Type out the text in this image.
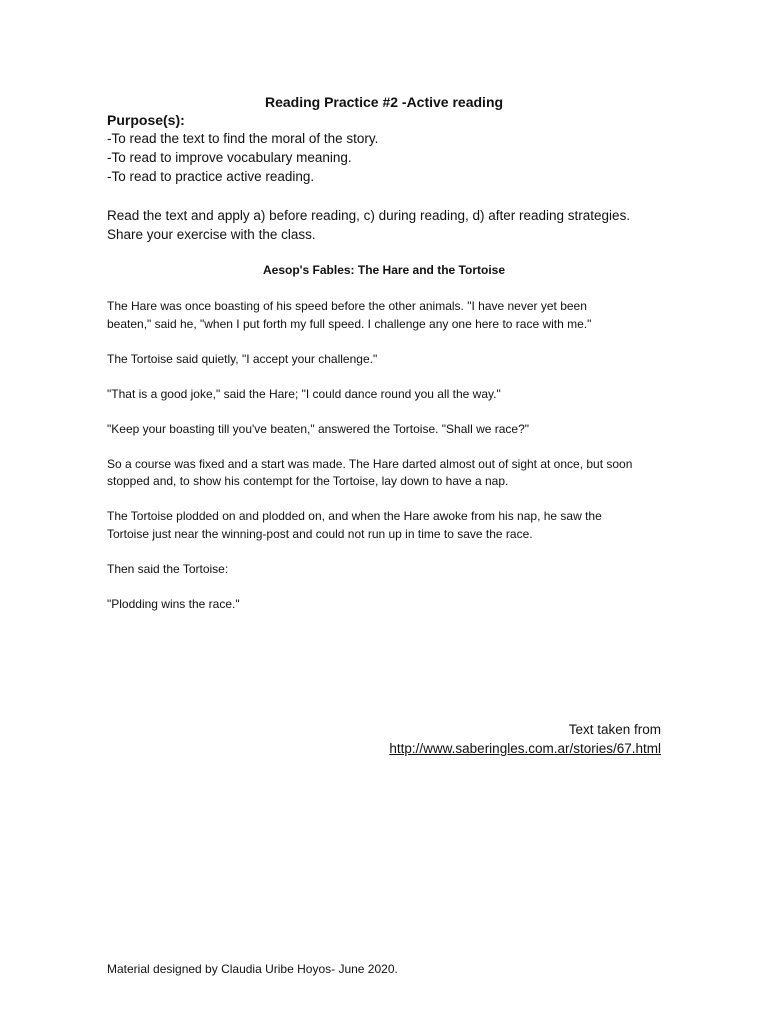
Reading Practice #2 -Active reading
Purpose(s):
-To read the text to find the moral of the story.
-To read to improve vocabulary meaning.
-To read to practice active reading.
Read the text and apply a) before reading, c) during reading, d) after reading strategies.
Share your exercise with the class.
Aesop's Fables: The Hare and the Tortoise

The Hare was once boasting of his speed before the other animals. "I have never yet been
beaten," said he, "when I put forth my full speed. I challenge any one here to race with me."

The Tortoise said quietly, "I accept your challenge."

"That is a good joke," said the Hare; "I could dance round you all the way."

"Keep your boasting till you've beaten," answered the Tortoise. "Shall we race?"

So a course was fixed and a start was made. The Hare darted almost out of sight at once, but soon
stopped and, to show his contempt for the Tortoise, lay down to have a nap.

The Tortoise plodded on and plodded on, and when the Hare awoke from his nap, he saw the
Tortoise just near the winning-post and could not run up in time to save the race.

Then said the Tortoise:

"Plodding wins the race."

Text taken from
http://www.saberingles.com.ar/stories/67.html
Material designed by Claudia Uribe Hoyos- June 2020.
